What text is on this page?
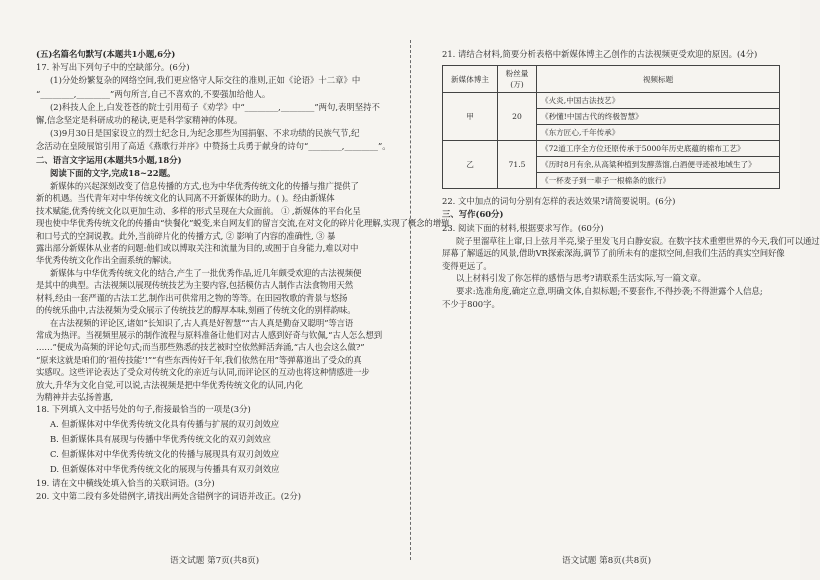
(五)名篇名句默写(本题共1小题,6分)
17. 补写出下列句子中的空缺部分。(6分)
(1)分处纷繁复杂的网络空间,我们更应恪守人际交往的准则,正如《论语》十二章》中
“________,________”两句所言,自己不喜欢的,不要强加给他人。
(2)科技人企上,白发苍苍的院士引用荀子《劝学》中“________,________”两句,表明坚持不
懈,信念坚定是科研成功的秘诀,更是科学家精神的体现。
(3)9月30日是国家设立的烈士纪念日,为纪念那些为国捐躯、不求功绩的民族气节,纪
念活动在皇陵展馆引用了高适《燕歌行并序》中赞扬士兵勇于献身的诗句“________,________”。
二、语言文字运用(本题共5小题,18分)
阅读下面的文字,完成18~22题。
新媒体的兴起深刻改变了信息传播的方式,也为中华优秀传统文化的传播与推广提供了
新的机遇。当代青年对中华传统文化的认同离不开新媒体的助力。( )。经由新媒体
技术赋能,优秀传统文化以更加生动、多样的形式呈现在大众面前。 ① ,新媒体的平台化呈
现也使中华优秀传统文化的传播由“快餐化”蜕变,来自网友们的留言交流,在对文化的碎片化理解,实现了概念的增殖
和口号式的空洞说教。此外,当前碎片化的传播方式, ② 影响了内容的准确性, ③ 暴
露出部分新媒体从业者的问题:他们或以博取关注和流量为目的,或囿于自身能力,难以对中
华优秀传统文化作出全面系统的解读。
新媒体与中华优秀传统文化的结合,产生了一批优秀作品,近几年颇受欢迎的古法视频便
是其中的典型。古法视频以展现传统技艺为主要内容,包括模仿古人制作古法食物用天然
材料,经由一套严谨的古法工艺,制作出可供常用之物的等等。在田园牧歌的背景与悠扬
的传统乐曲中,古法视频为受众展示了传统技艺的醇厚本味,刻画了传统文化的别样韵味。
在古法视频的评论区,诸如“长知识了,古人真是好智慧”“古人真是勤奋又聪明”等言语
常成为热评。当视频里展示的制作流程与原料准备让他们对古人感到好奇与钦佩,“古人怎么想到
……”便成为高频的评论句式;而当那些熟悉的技艺被时空依然鲜活奔涌,“古人也会这么做?”
“原来这就是咱们的‘祖传技能’!”“有些东西传好千年,我们依然在用”等弹幕道出了受众的真
实感叹。这些评论表达了受众对传统文化的亲近与认同,而评论区的互动也将这种情感进一步
放大,升华为文化自觉,可以说,古法视频是把中华优秀传统文化的认同,内化
为精神并去弘扬普惠,
18. 下列填入文中括号处的句子,衔接最恰当的一项是(3分)
A. 但新媒体对中华优秀传统文化具有传播与扩展的双刃剑效应
B. 但新媒体具有展现与传播中华优秀传统文化的双刃剑效应
C. 但新媒体对中华优秀传统文化的传播与展现具有双刃剑效应
D. 但新媒体对中华优秀传统文化的展现与传播具有双刃剑效应
19. 请在文中横线处填入恰当的关联词语。(3分)
20. 文中第二段有多处错例字,请找出两处含错例字的词语并改正。(2分)
21. 请结合材料,简要分析表格中新媒体博主乙创作的古法视频更受欢迎的原因。(4分)
新媒体博主	粉丝量(万)	视频标题
甲	20	《火炎,中国古法技艺》
		《秒懂!中国古代的终极智慧》
		《东方匠心,千年传承》
乙	71.5	《72道工序全方位还原传承于5000年历史底蕴的棉布工艺》
		《历时8月有余,从高粱种植到发酵蒸馏,白酒便寻迹被地域生了》
		《一杯麦子到一辈子一根棉条的旅行》
22. 文中加点的词句分别有怎样的表达效果?请简要说明。(6分)
三、写作(60分)
23. 阅读下面的材料,根据要求写作。(60分)
院子里溜草往上窜,日上弦月半亮,梁子里发飞月白静安寂。在数字技术重塑世界的今天,我们可以通过
屏幕了解遥远的风景,借助VR探索深海,调节了前所未有的虚拟空间,但我们生活的真实空间好像
变得更远了。
以上材料引发了你怎样的感悟与思考?请联系生活实际,写一篇文章。
要求:选准角度,确定立意,明确文体,自拟标题;不要套作,不得抄袭;不得泄露个人信息;
不少于800字。
语文试题 第7页(共8页)	语文试题 第8页(共8页)
